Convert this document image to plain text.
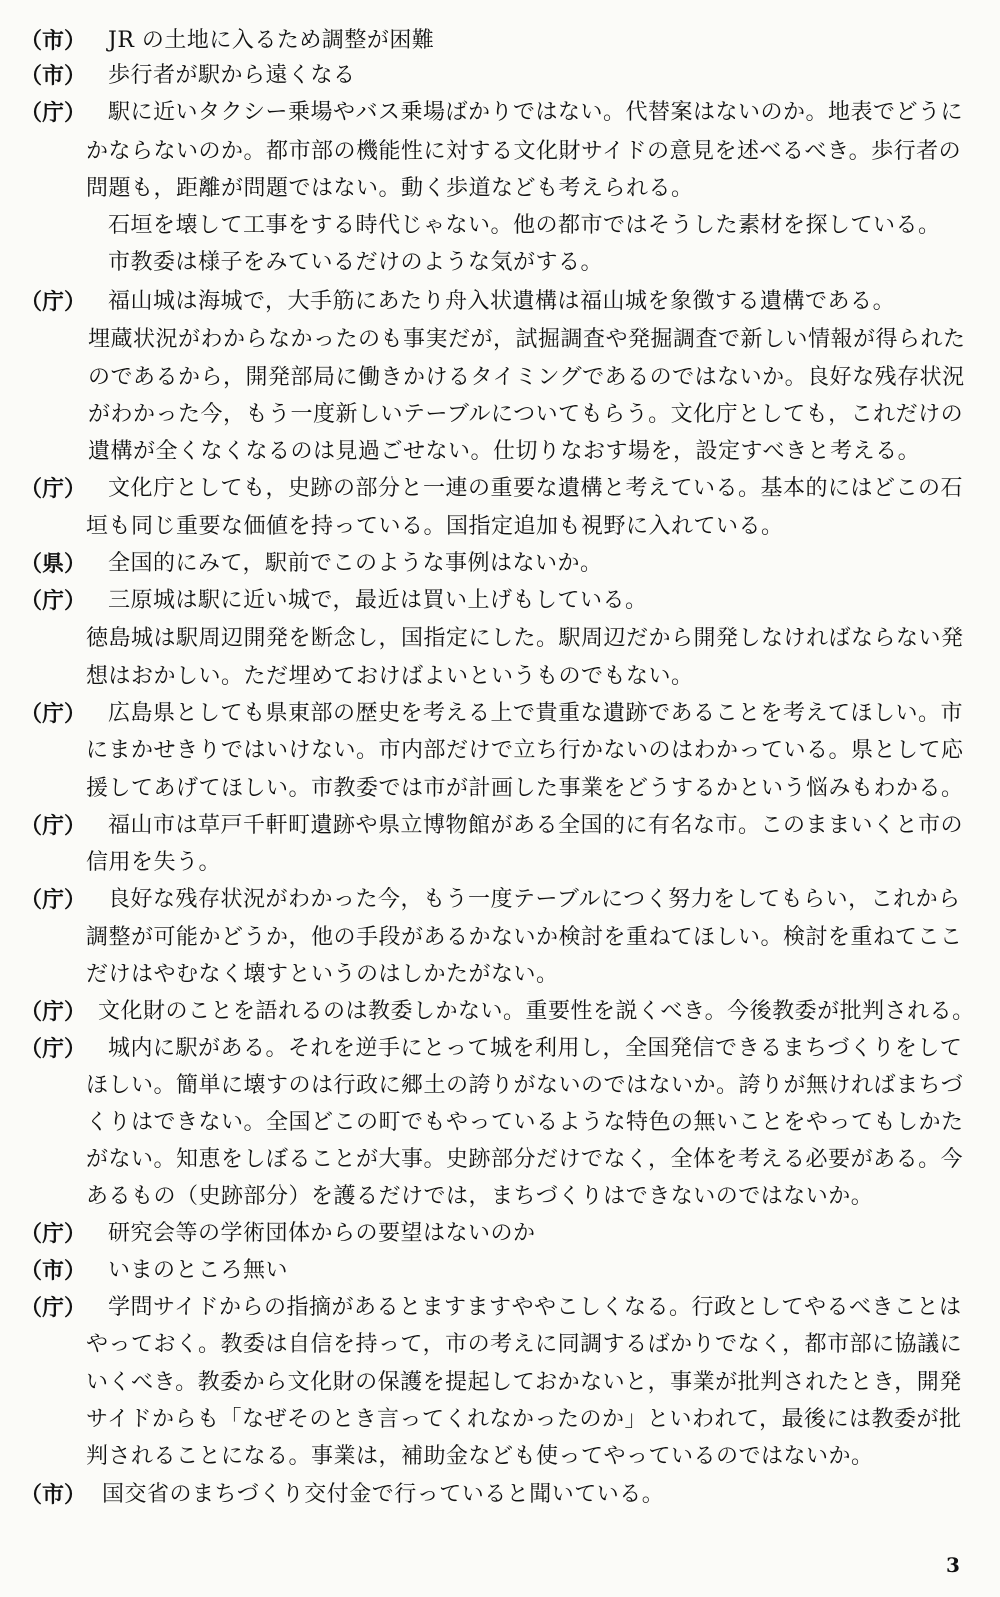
（市） JR の土地に入るため調整が困難
（市） 歩行者が駅から遠くなる
（庁） 駅に近いタクシー乗場やバス乗場ばかりではない。代替案はないのか。地表でどうに
かならないのか。都市部の機能性に対する文化財サイドの意見を述べるべき。歩行者の
問題も，距離が問題ではない。動く歩道なども考えられる。
石垣を壊して工事をする時代じゃない。他の都市ではそうした素材を探している。
市教委は様子をみているだけのような気がする。
（庁） 福山城は海城で，大手筋にあたり舟入状遺構は福山城を象徴する遺構である。
埋蔵状況がわからなかったのも事実だが，試掘調査や発掘調査で新しい情報が得られた
のであるから，開発部局に働きかけるタイミングであるのではないか。良好な残存状況
がわかった今，もう一度新しいテーブルについてもらう。文化庁としても，これだけの
遺構が全くなくなるのは見過ごせない。仕切りなおす場を，設定すべきと考える。
（庁） 文化庁としても，史跡の部分と一連の重要な遺構と考えている。基本的にはどこの石
垣も同じ重要な価値を持っている。国指定追加も視野に入れている。
（県） 全国的にみて，駅前でこのような事例はないか。
（庁） 三原城は駅に近い城で，最近は買い上げもしている。
徳島城は駅周辺開発を断念し，国指定にした。駅周辺だから開発しなければならない発
想はおかしい。ただ埋めておけばよいというものでもない。
（庁） 広島県としても県東部の歴史を考える上で貴重な遺跡であることを考えてほしい。市
にまかせきりではいけない。市内部だけで立ち行かないのはわかっている。県として応
援してあげてほしい。市教委では市が計画した事業をどうするかという悩みもわかる。
（庁） 福山市は草戸千軒町遺跡や県立博物館がある全国的に有名な市。このままいくと市の
信用を失う。
（庁） 良好な残存状況がわかった今，もう一度テーブルにつく努力をしてもらい，これから
調整が可能かどうか，他の手段があるかないか検討を重ねてほしい。検討を重ねてここ
だけはやむなく壊すというのはしかたがない。
（庁） 文化財のことを語れるのは教委しかない。重要性を説くべき。今後教委が批判される。
（庁） 城内に駅がある。それを逆手にとって城を利用し，全国発信できるまちづくりをして
ほしい。簡単に壊すのは行政に郷土の誇りがないのではないか。誇りが無ければまちづ
くりはできない。全国どこの町でもやっているような特色の無いことをやってもしかた
がない。知恵をしぼることが大事。史跡部分だけでなく，全体を考える必要がある。今
あるもの（史跡部分）を護るだけでは，まちづくりはできないのではないか。
（庁） 研究会等の学術団体からの要望はないのか
（市） いまのところ無い
（庁） 学問サイドからの指摘があるとますますややこしくなる。行政としてやるべきことは
やっておく。教委は自信を持って，市の考えに同調するばかりでなく，都市部に協議に
いくべき。教委から文化財の保護を提起しておかないと，事業が批判されたとき，開発
サイドからも「なぜそのとき言ってくれなかったのか」といわれて，最後には教委が批
判されることになる。事業は，補助金なども使ってやっているのではないか。
（市） 国交省のまちづくり交付金で行っていると聞いている。
3
